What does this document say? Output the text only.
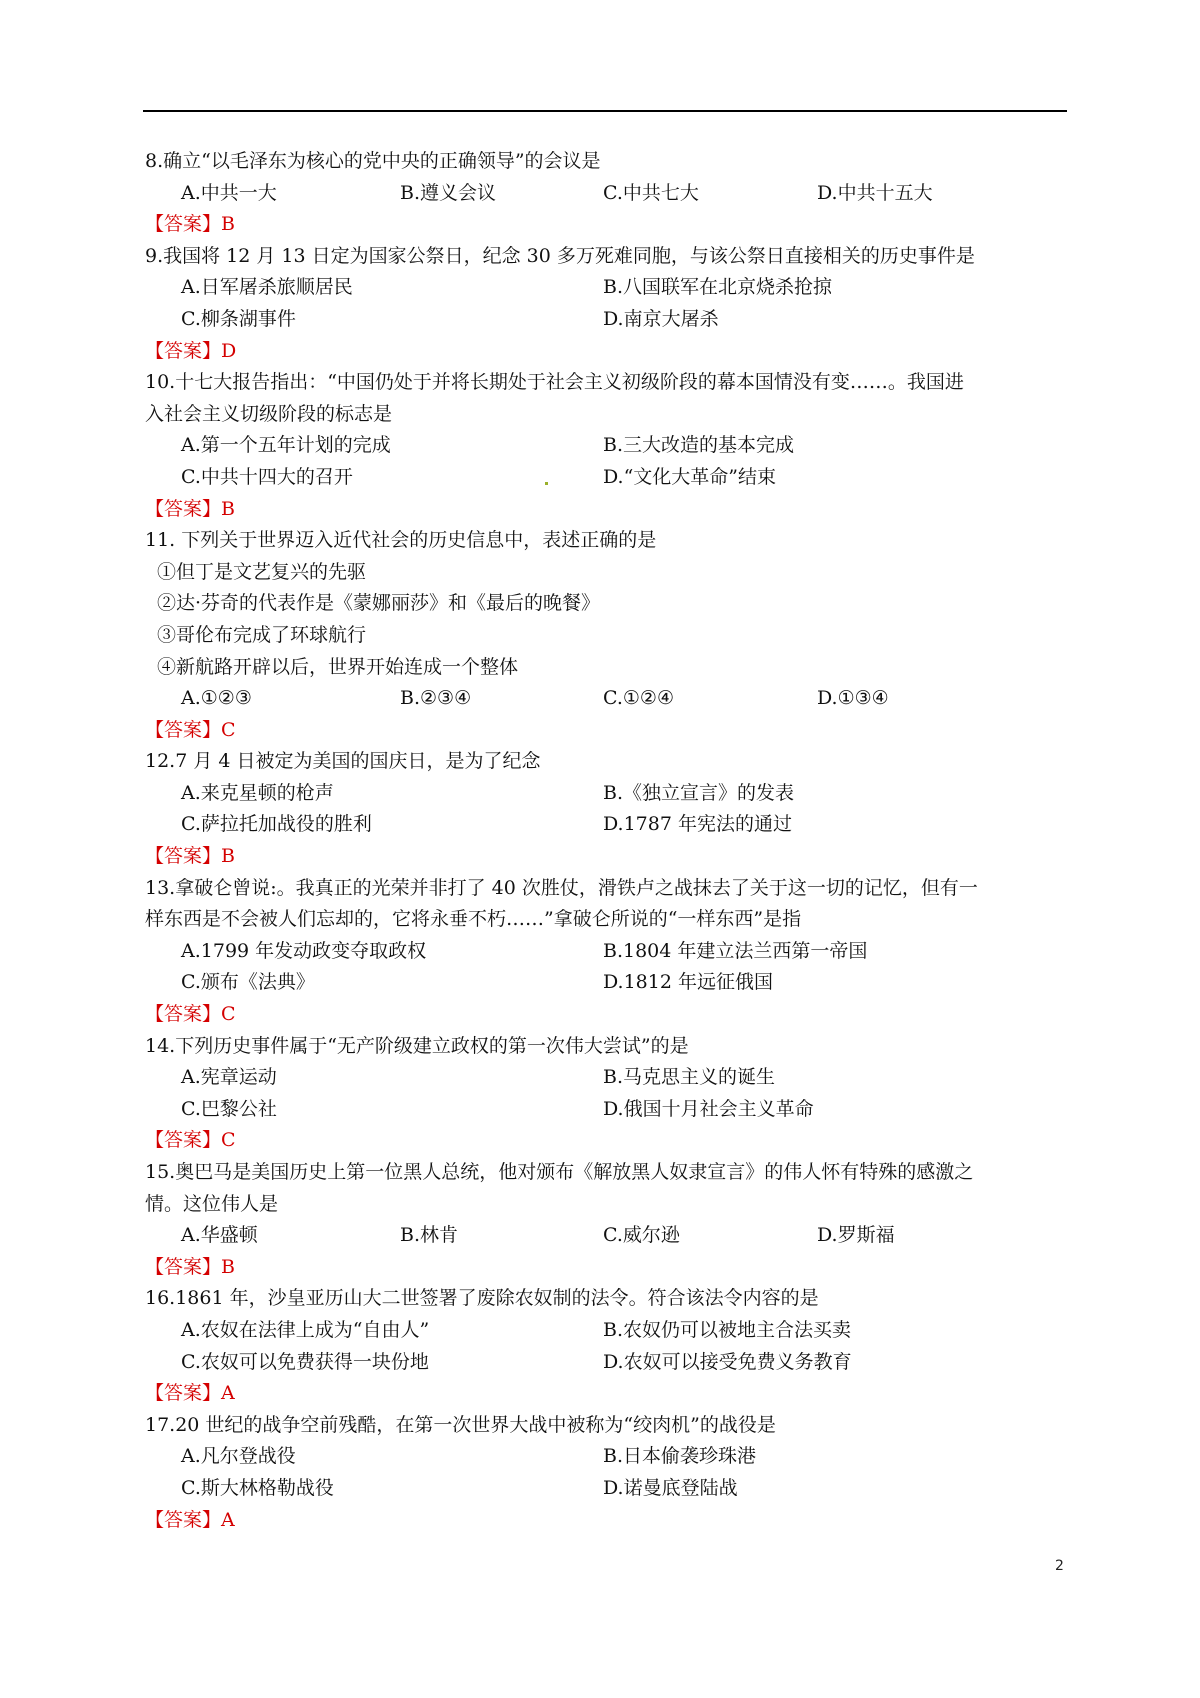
8.确立“以毛泽东为核心的党中央的正确领导”的会议是
A.中共一大	B.遵义会议	C.中共七大	D.中共十五大
【答案】B
9.我国将 12 月 13 日定为国家公祭日，纪念 30 多万死难同胞，与该公祭日直接相关的历史事件是
A.日军屠杀旅顺居民	B.八国联军在北京烧杀抢掠
C.柳条湖事件	D.南京大屠杀
【答案】D
10.十七大报告指出：“中国仍处于并将长期处于社会主义初级阶段的幕本国情没有变……。我国进
入社会主义切级阶段的标志是
A.第一个五年计划的完成	B.三大改造的基本完成
C.中共十四大的召开	D.“文化大革命”结束
【答案】B
11. 下列关于世界迈入近代社会的历史信息中，表述正确的是
①但丁是文艺复兴的先驱
②达·芬奇的代表作是《蒙娜丽莎》和《最后的晚餐》
③哥伦布完成了环球航行
④新航路开辟以后，世界开始连成一个整体
A.①②③	B.②③④	C.①②④	D.①③④
【答案】C
12.7 月 4 日被定为美国的国庆日，是为了纪念
A.来克星顿的枪声	B.《独立宣言》的发表
C.萨拉托加战役的胜利	D.1787 年宪法的通过
【答案】B
13.拿破仑曾说:。我真正的光荣并非打了 40 次胜仗，滑铁卢之战抹去了关于这一切的记忆，但有一
样东西是不会被人们忘却的，它将永垂不朽……”拿破仑所说的“一样东西”是指
A.1799 年发动政变夺取政权	B.1804 年建立法兰西第一帝国
C.颁布《法典》	D.1812 年远征俄国
【答案】C
14.下列历史事件属于“无产阶级建立政权的第一次伟大尝试”的是
A.宪章运动	B.马克思主义的诞生
C.巴黎公社	D.俄国十月社会主义革命
【答案】C
15.奥巴马是美国历史上第一位黑人总统，他对颁布《解放黑人奴隶宣言》的伟人怀有特殊的感激之
情。这位伟人是
A.华盛顿	B.林肯	C.威尔逊	D.罗斯福
【答案】B
16.1861 年，沙皇亚历山大二世签署了废除农奴制的法令。符合该法令内容的是
A.农奴在法律上成为“自由人”	B.农奴仍可以被地主合法买卖
C.农奴可以免费获得一块份地	D.农奴可以接受免费义务教育
【答案】A
17.20 世纪的战争空前残酷，在第一次世界大战中被称为“绞肉机”的战役是
A.凡尔登战役	B.日本偷袭珍珠港
C.斯大林格勒战役	D.诺曼底登陆战
【答案】A
2
